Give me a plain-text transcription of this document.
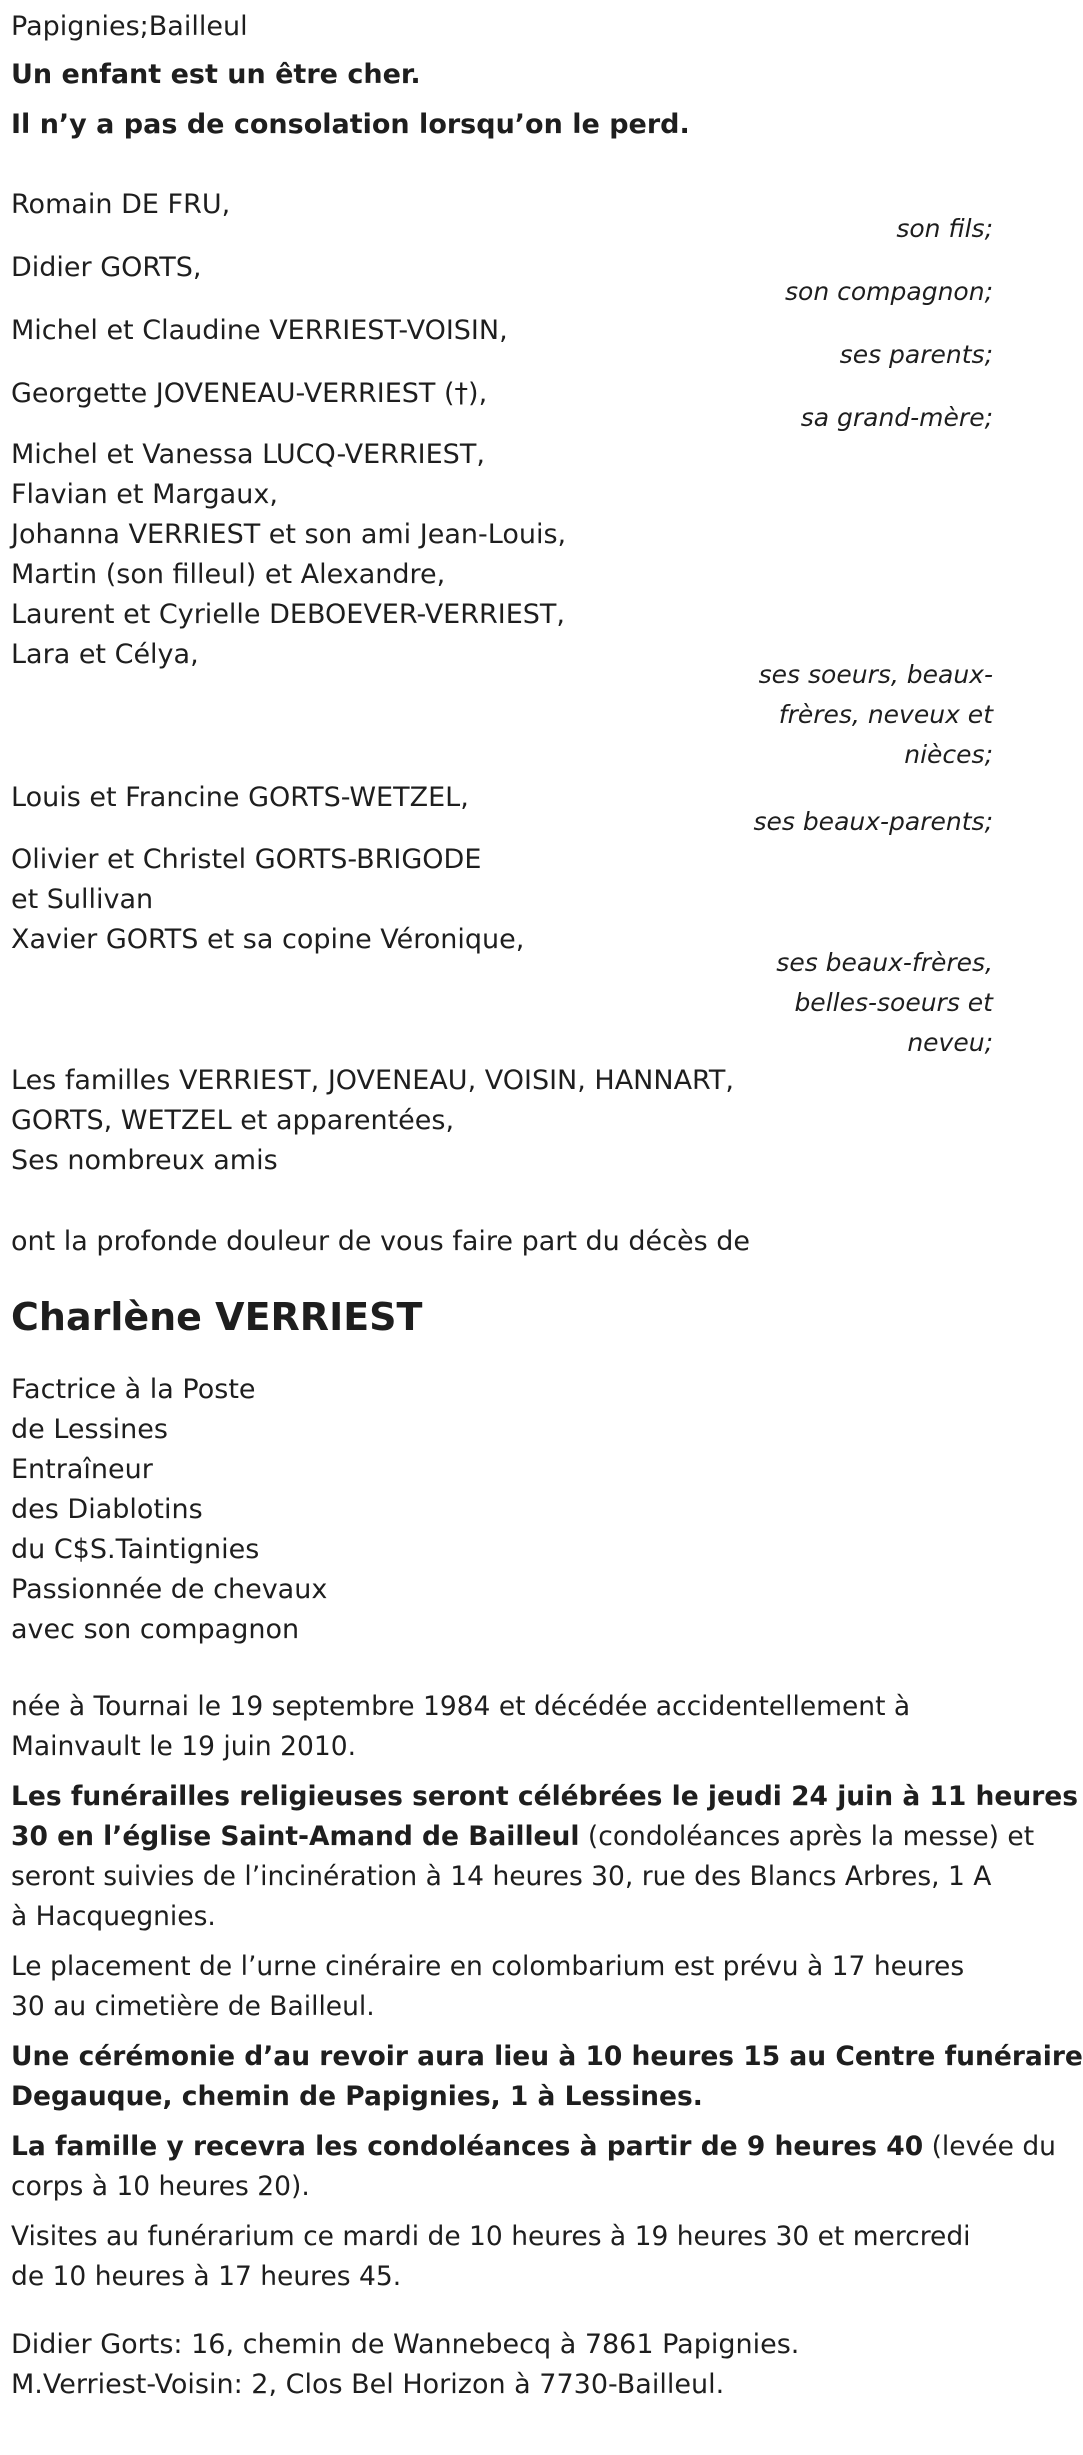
Papignies;Bailleul

Un enfant est un être cher.

Il n’y a pas de consolation lorsqu’on le perd.

Romain DE FRU,
son fils;
Didier GORTS,
son compagnon;
Michel et Claudine VERRIEST-VOISIN,
ses parents;
Georgette JOVENEAU-VERRIEST (†),
sa grand-mère;
Michel et Vanessa LUCQ-VERRIEST,
Flavian et Margaux,
Johanna VERRIEST et son ami Jean-Louis,
Martin (son filleul) et Alexandre,
Laurent et Cyrielle DEBOEVER-VERRIEST,
Lara et Célya,
ses soeurs, beaux-
frères, neveux et
nièces;
Louis et Francine GORTS-WETZEL,
ses beaux-parents;
Olivier et Christel GORTS-BRIGODE
et Sullivan
Xavier GORTS et sa copine Véronique,
ses beaux-frères,
belles-soeurs et
neveu;
Les familles VERRIEST, JOVENEAU, VOISIN, HANNART,
GORTS, WETZEL et apparentées,
Ses nombreux amis

ont la profonde douleur de vous faire part du décès de

Charlène VERRIEST
Factrice à la Poste
de Lessines
Entraîneur
des Diablotins
du C$S.Taintignies
Passionnée de chevaux
avec son compagnon

née à Tournai le 19 septembre 1984 et décédée accidentellement à
Mainvault le 19 juin 2010.

Les funérailles religieuses seront célébrées le jeudi 24 juin à 11 heures
30 en l’église Saint-Amand de Bailleul (condoléances après la messe) et
seront suivies de l’incinération à 14 heures 30, rue des Blancs Arbres, 1 A
à Hacquegnies.

Le placement de l’urne cinéraire en colombarium est prévu à 17 heures
30 au cimetière de Bailleul.

Une cérémonie d’au revoir aura lieu à 10 heures 15 au Centre funéraire
Degauque, chemin de Papignies, 1 à Lessines.

La famille y recevra les condoléances à partir de 9 heures 40 (levée du
corps à 10 heures 20).

Visites au funérarium ce mardi de 10 heures à 19 heures 30 et mercredi
de 10 heures à 17 heures 45.

Didier Gorts: 16, chemin de Wannebecq à 7861 Papignies.
M.Verriest-Voisin: 2, Clos Bel Horizon à 7730-Bailleul.
